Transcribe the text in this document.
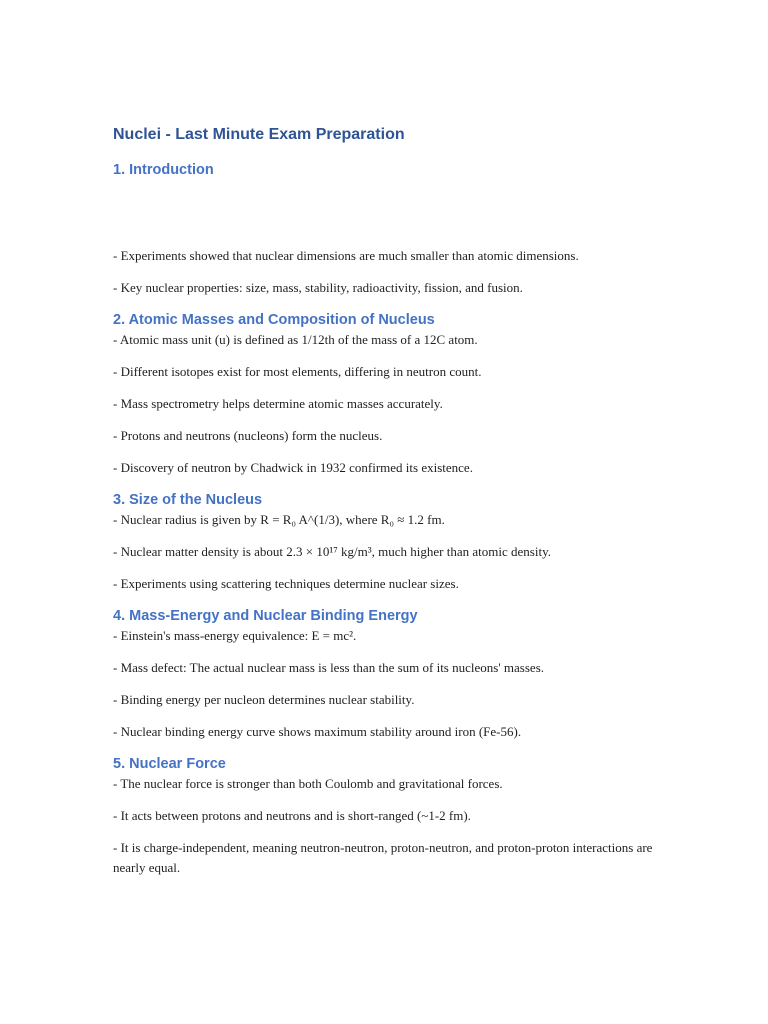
Nuclei - Last Minute Exam Preparation
1. Introduction

- Experiments showed that nuclear dimensions are much smaller than atomic dimensions.

- Key nuclear properties: size, mass, stability, radioactivity, fission, and fusion.

2. Atomic Masses and Composition of Nucleus

- Atomic mass unit (u) is defined as 1/12th of the mass of a 12C atom.

- Different isotopes exist for most elements, differing in neutron count.

- Mass spectrometry helps determine atomic masses accurately.

- Protons and neutrons (nucleons) form the nucleus.

- Discovery of neutron by Chadwick in 1932 confirmed its existence.

3. Size of the Nucleus

- Nuclear radius is given by R = R₀ A^(1/3), where R₀ ≈ 1.2 fm.

- Nuclear matter density is about 2.3 × 10¹⁷ kg/m³, much higher than atomic density.

- Experiments using scattering techniques determine nuclear sizes.

4. Mass-Energy and Nuclear Binding Energy

- Einstein's mass-energy equivalence: E = mc².

- Mass defect: The actual nuclear mass is less than the sum of its nucleons' masses.

- Binding energy per nucleon determines nuclear stability.

- Nuclear binding energy curve shows maximum stability around iron (Fe-56).

5. Nuclear Force

- The nuclear force is stronger than both Coulomb and gravitational forces.

- It acts between protons and neutrons and is short-ranged (~1-2 fm).

- It is charge-independent, meaning neutron-neutron, proton-neutron, and proton-proton interactions are nearly equal.
